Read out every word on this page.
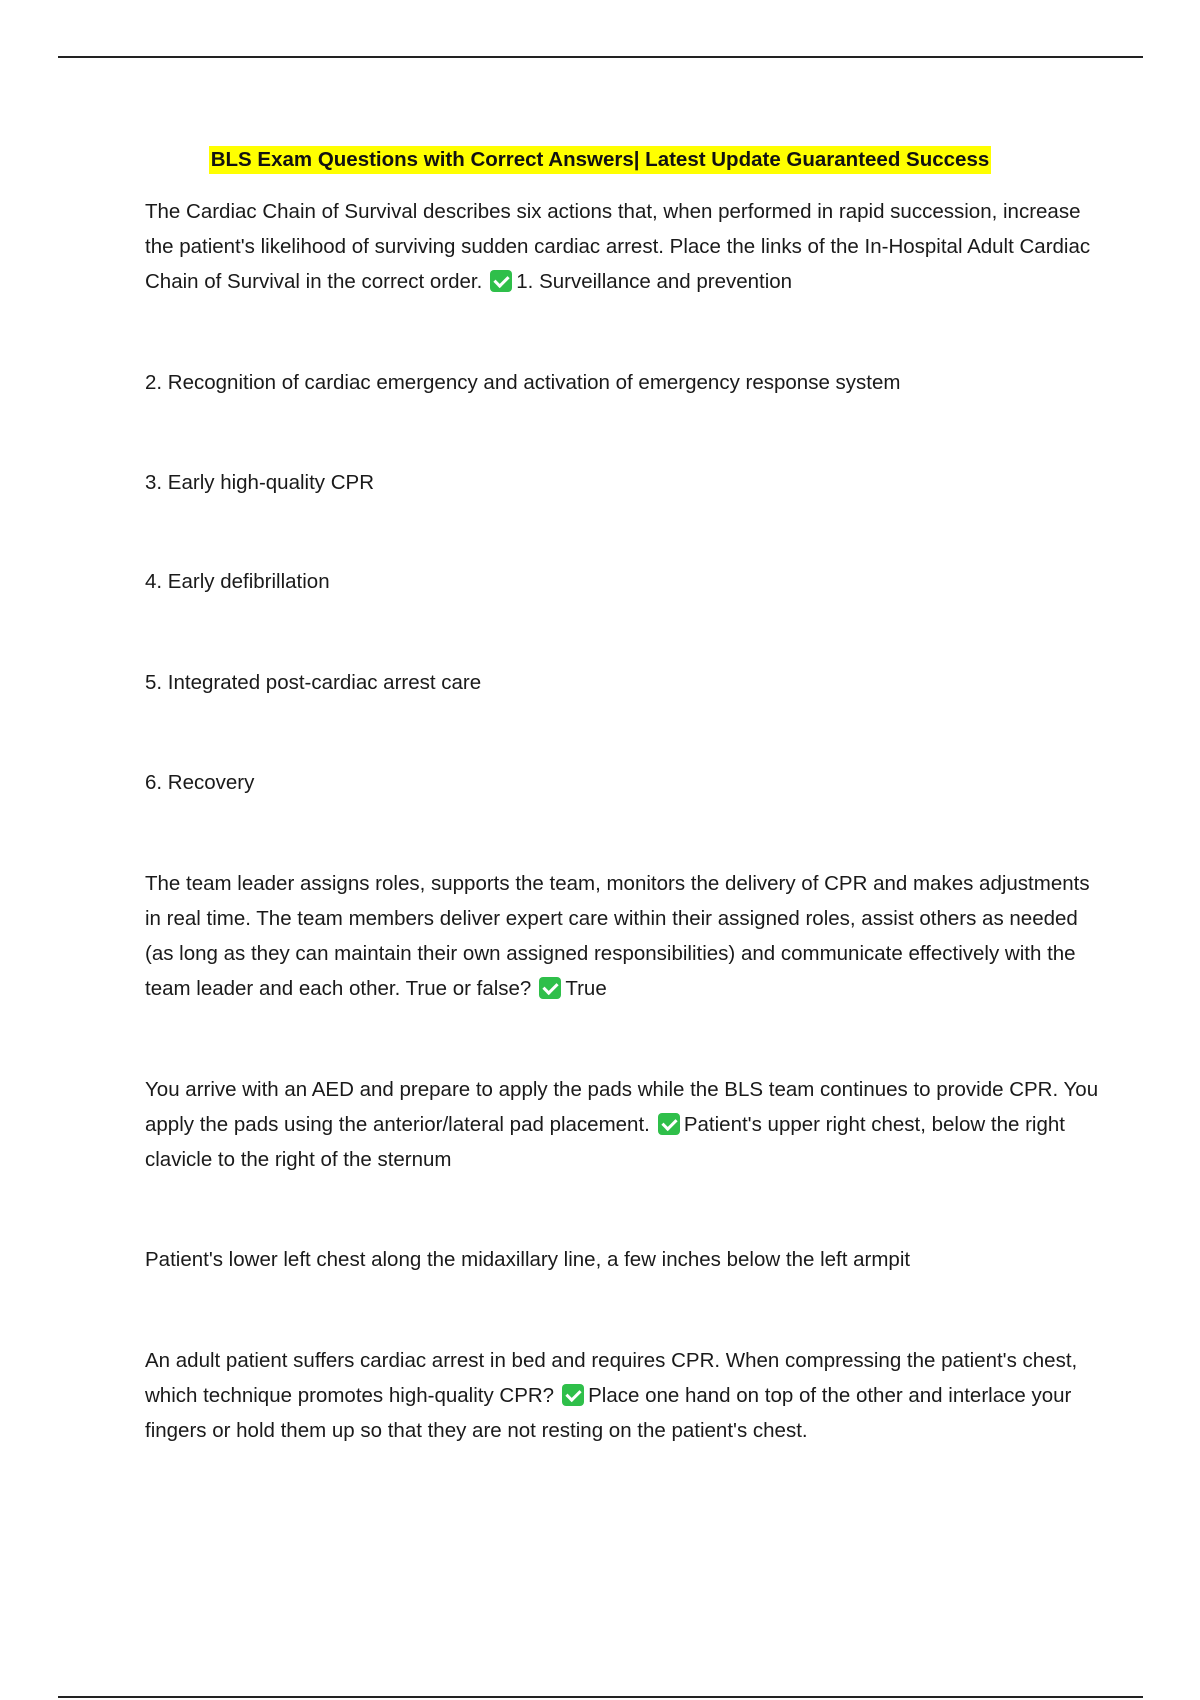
BLS Exam Questions with Correct Answers| Latest Update Guaranteed Success
The Cardiac Chain of Survival describes six actions that, when performed in rapid succession, increase the patient's likelihood of surviving sudden cardiac arrest. Place the links of the In-Hospital Adult Cardiac Chain of Survival in the correct order. 1. Surveillance and prevention
2. Recognition of cardiac emergency and activation of emergency response system
3. Early high-quality CPR
4. Early defibrillation
5. Integrated post-cardiac arrest care
6. Recovery
The team leader assigns roles, supports the team, monitors the delivery of CPR and makes adjustments in real time. The team members deliver expert care within their assigned roles, assist others as needed (as long as they can maintain their own assigned responsibilities) and communicate effectively with the team leader and each other. True or false? True
You arrive with an AED and prepare to apply the pads while the BLS team continues to provide CPR. You apply the pads using the anterior/lateral pad placement. Patient's upper right chest, below the right clavicle to the right of the sternum
Patient's lower left chest along the midaxillary line, a few inches below the left armpit
An adult patient suffers cardiac arrest in bed and requires CPR. When compressing the patient's chest, which technique promotes high-quality CPR? Place one hand on top of the other and interlace your fingers or hold them up so that they are not resting on the patient's chest.
